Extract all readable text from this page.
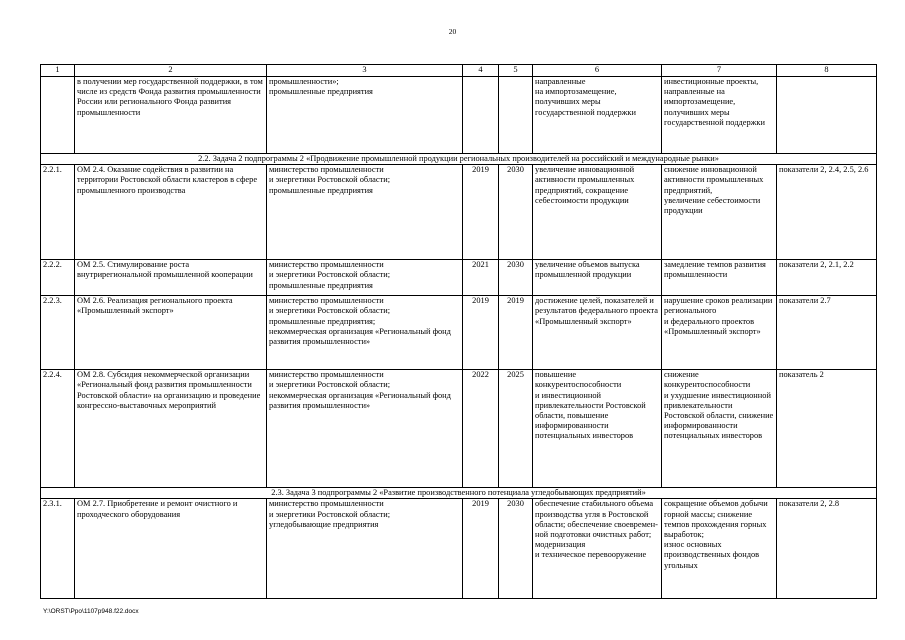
20
1	2	3	4	5	6	7	8
	в получении мер государственной поддержки, в том числе из средств Фонда развития промышленности России или регионального Фонда развития промышленности	промышленности»;
промышленные предприятия			направленные
на импортозамещение, получивших меры государственной поддержки	инвестиционные проекты, направленные на импортозамещение, получивших меры государственной поддержки	
2.2. Задача 2 подпрограммы 2 «Продвижение промышленной продукции региональных производителей на российский и международные рынки»							
2.2.1.	ОМ 2.4. Оказание содействия в развитии на территории Ростовской области кластеров в сфере промышленного производства	министерство промышленности
и энергетики Ростовской области;
промышленные предприятия	2019	2030	увеличение инновационной активности промышленных предприятий, сокращение себестоимости продукции	снижение инновационной активности промышленных предприятий,
увеличение себестоимости продукции	показатели 2, 2.4, 2.5, 2.6
2.2.2.	ОМ 2.5. Стимулирование роста внутрирегиональной промышленной кооперации	министерство промышленности
и энергетики Ростовской области;
промышленные предприятия	2021	2030	увеличение объемов выпуска промышленной продукции	замедление темпов развития промышленности	показатели 2, 2.1, 2.2
2.2.3.	ОМ 2.6. Реализация регионального проекта «Промышленный экспорт»	министерство промышленности
и энергетики Ростовской области;
промышленные предприятия;
некоммерческая организация «Региональный фонд развития промышленности»	2019	2019	достижение целей, показателей и результатов федерального проекта «Промышленный экспорт»	нарушение сроков реализации регионального
и федерального проектов «Промышленный экспорт»	показатели 2.7
2.2.4.	ОМ 2.8. Субсидия некоммерческой организации «Региональный фонд развития промышленности Ростовской области» на организацию и проведение конгрессно-выставочных мероприятий	министерство промышленности
и энергетики Ростовской области;
некоммерческая организация «Региональный фонд развития промышленности»	2022	2025	повышение конкурентоспособности
и инвестиционной привлекательности Ростовской области, повышение информированности потенциальных инвесторов	снижение конкурентоспособности
и ухудшение инвестиционной привлекательности Ростовской области, снижение информированности потенциальных инвесторов	показатель 2
2.3. Задача 3 подпрограммы 2 «Развитие производственного потенциала угледобывающих предприятий»							
2.3.1.	ОМ 2.7. Приобретение и ремонт очистного и проходческого оборудования	министерство промышленности
и энергетики Ростовской области;
угледобывающие предприятия	2019	2030	обеспечение стабильного объема производства угля в Ростовской области; обеспечение своевремен-ной подготовки очистных работ; модернизация
и техническое перевооружение	сокращение объемов добычи горной массы; снижение темпов прохождения горных выработок;
износ основных производственных фондов угольных	показатели 2, 2.8
Y:\ORST\Ppo\1107p948.f22.docx
